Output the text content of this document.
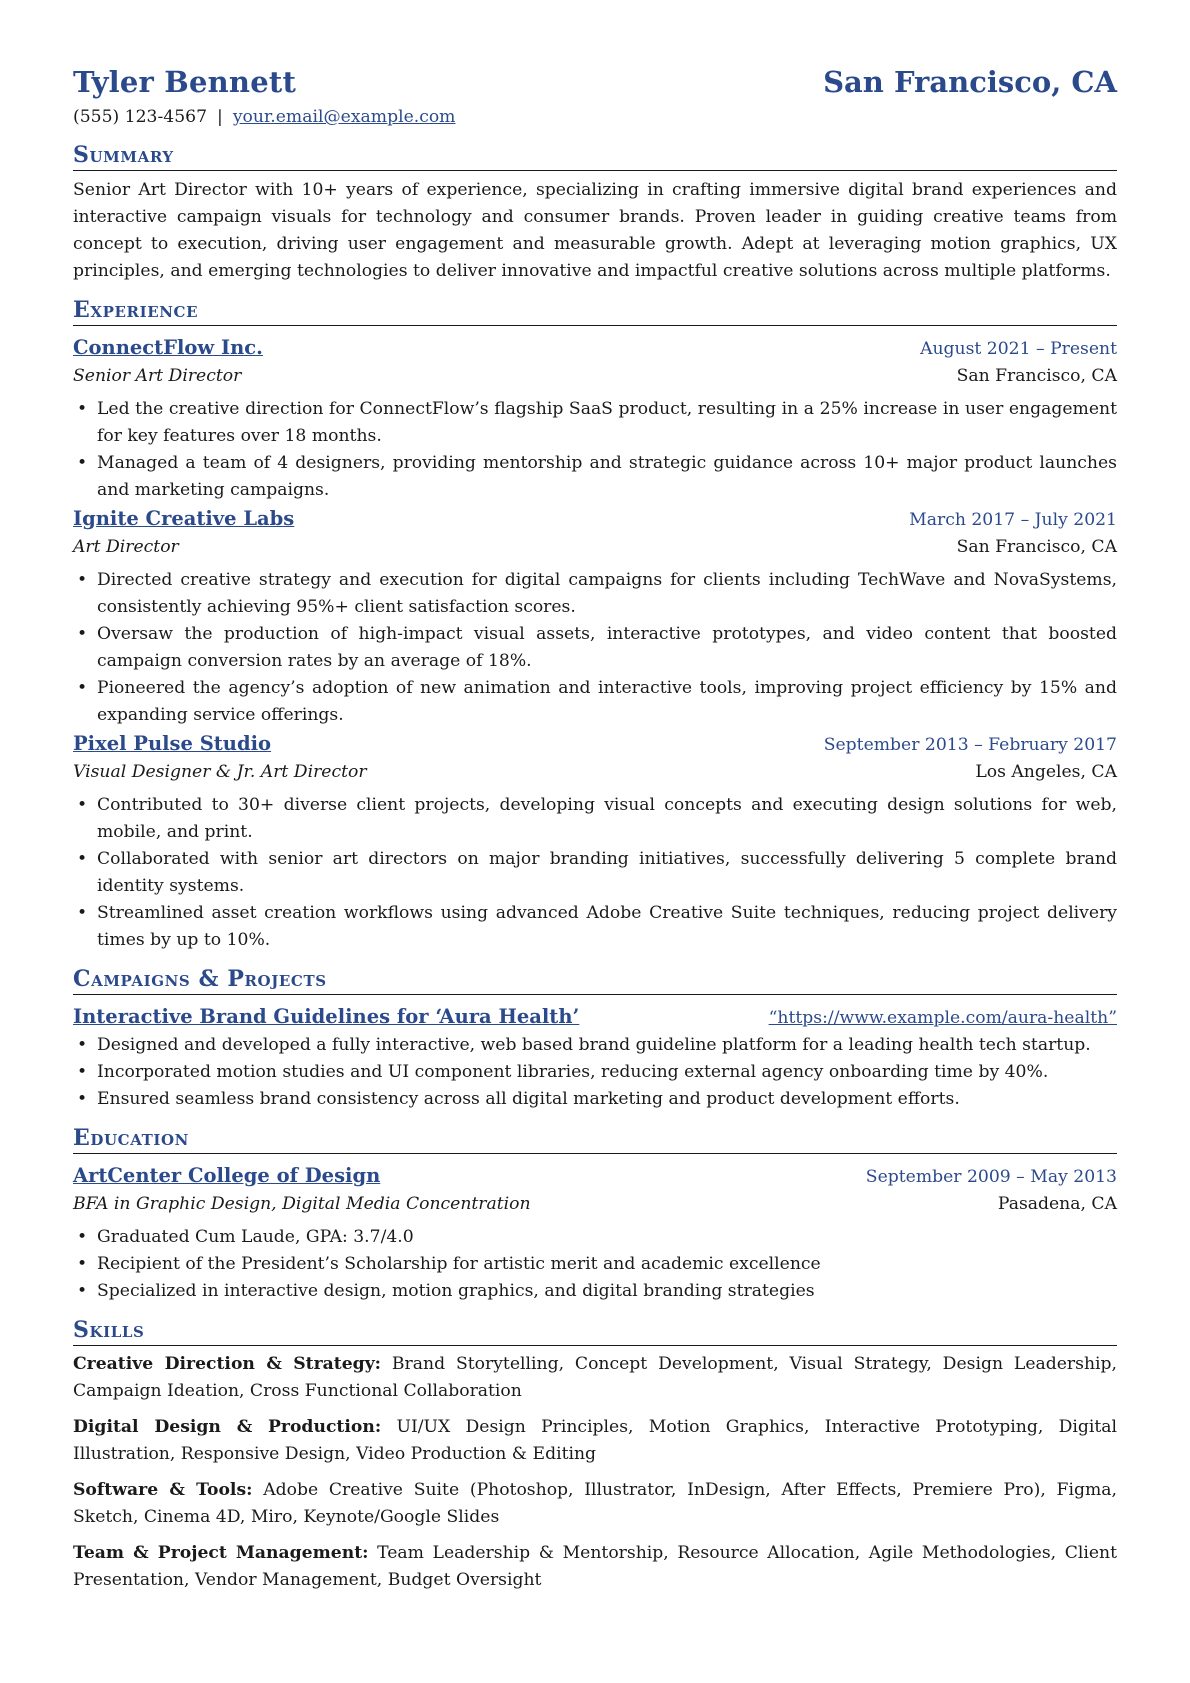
Tyler Bennett	San Francisco, CA
(555) 123-4567 | your.email@example.com
Summary

Senior Art Director with 10+ years of experience, specializing in crafting immersive digital brand experiences and interactive campaign visuals for technology and consumer brands. Proven leader in guiding creative teams from concept to execution, driving user engagement and measurable growth. Adept at leveraging motion graphics, UX principles, and emerging technologies to deliver innovative and impactful creative solutions across multiple platforms.

Experience
ConnectFlow Inc.	August 2021 – Present
Senior Art Director	San Francisco, CA
• Led the creative direction for ConnectFlow’s flagship SaaS product, resulting in a 25% increase in user engagement for key features over 18 months.
• Managed a team of 4 designers, providing mentorship and strategic guidance across 10+ major product launches and marketing campaigns.
Ignite Creative Labs	March 2017 – July 2021
Art Director	San Francisco, CA
• Directed creative strategy and execution for digital campaigns for clients including TechWave and NovaSystems, consistently achieving 95%+ client satisfaction scores.
• Oversaw the production of high-impact visual assets, interactive prototypes, and video content that boosted campaign conversion rates by an average of 18%.
• Pioneered the agency’s adoption of new animation and interactive tools, improving project efficiency by 15% and expanding service offerings.
Pixel Pulse Studio	September 2013 – February 2017
Visual Designer & Jr. Art Director	Los Angeles, CA
• Contributed to 30+ diverse client projects, developing visual concepts and executing design solutions for web, mobile, and print.
• Collaborated with senior art directors on major branding initiatives, successfully delivering 5 complete brand identity systems.
• Streamlined asset creation workflows using advanced Adobe Creative Suite techniques, reducing project delivery times by up to 10%.
Campaigns & Projects
Interactive Brand Guidelines for ‘Aura Health’	“https://www.example.com/aura-health”
• Designed and developed a fully interactive, web based brand guideline platform for a leading health tech startup.
• Incorporated motion studies and UI component libraries, reducing external agency onboarding time by 40%.
• Ensured seamless brand consistency across all digital marketing and product development efforts.
Education
ArtCenter College of Design	September 2009 – May 2013
BFA in Graphic Design, Digital Media Concentration	Pasadena, CA
• Graduated Cum Laude, GPA: 3.7/4.0
• Recipient of the President’s Scholarship for artistic merit and academic excellence
• Specialized in interactive design, motion graphics, and digital branding strategies
Skills
Creative Direction & Strategy: Brand Storytelling, Concept Development, Visual Strategy, Design Leadership, Campaign Ideation, Cross Functional Collaboration
Digital Design & Production: UI/UX Design Principles, Motion Graphics, Interactive Prototyping, Digital Illustration, Responsive Design, Video Production & Editing
Software & Tools: Adobe Creative Suite (Photoshop, Illustrator, InDesign, After Effects, Premiere Pro), Figma, Sketch, Cinema 4D, Miro, Keynote/Google Slides
Team & Project Management: Team Leadership & Mentorship, Resource Allocation, Agile Methodologies, Client Presentation, Vendor Management, Budget Oversight
